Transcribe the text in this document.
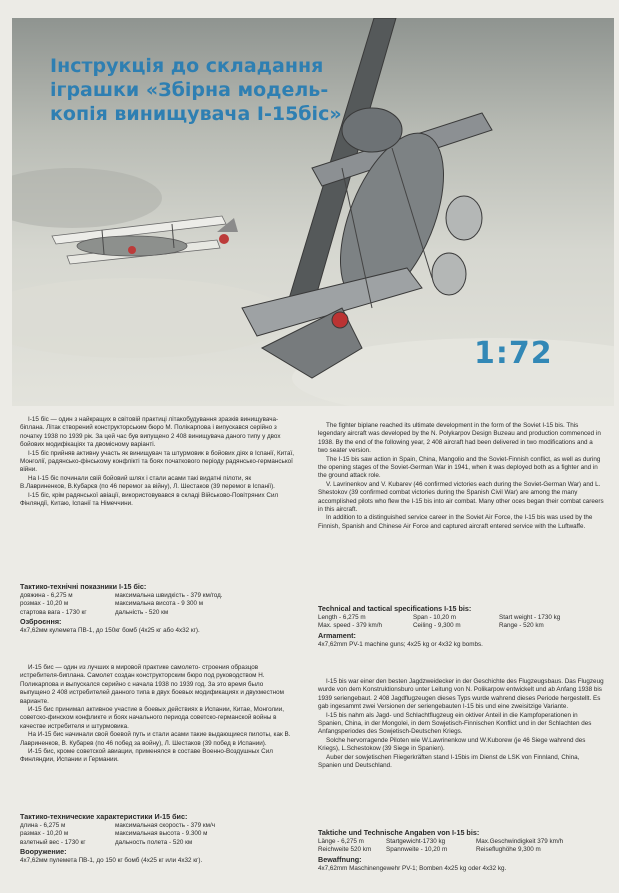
Інструкція до складання
іграшки «Збірна модель-
копія винищувача І-15біс»
1:72

І-15 біс — один з найкращих в світовій практиці літакобудування зразків винищувача-біплана. Літак створений конструкторським бюро М. Полікарпова і випускався серійно з початку 1938 по 1939 рік. За цей час був випущено 2 408 винищувача даного типу у двох бойових модифікаціях та двомісному варіанті.

І-15 біс прийняв активну участь як винищувач та штурмовик в бойових діях в Іспанії, Китаї, Монголії, радянсько-фінському конфлікті та боях початкового періоду радянсько-германської війни.

На І-15 біс починали свій бойовий шлях і стали асами такі видатні пілоти, як В.Лавриненков, В.Кубарєв (по 46 перемог за війну), Л. Шестаков (39 перемог в Іспанії).

І-15 біс, крім радянської авіації, використовувався в складі Військово-Повітряних Сил Фінляндії, Китаю, Іспанії та Німеччини.

Тактико-технічні показники І-15 біс:
довжина - 6,275 м	максимальна швидкість - 379 км/год.
розмах - 10,20 м	максимальна висота - 9 300 м
стартова вага - 1730 кг	дальність - 520 км
Озброєння:
4x7,62мм кулемета ПВ-1, до 150кг бомб (4x25 кг або 4x32 кг).

И-15 бис — один из лучших в мировой практике самолето- строения образцов истребителя-биплана. Самолет создан конструкторским бюро под руководством Н. Поликарпова и выпускался серийно с начала 1938 по 1939 год. За это время было выпущено 2 408 истребителей данного типа в двух боевых модификациях и двухместном варианте.

И-15 бис принимал активное участие в боевых действиях в Испании, Китае, Монголии, советско-финском конфликте и боях начального периода советско-германской войны в качестве истребителя и штурмовика.

На И-15 бис начинали свой боевой путь и стали асами такие выдающиеся пилоты, как В. Лавриненков, В. Кубарев (по 46 побед за войну), Л. Шестаков (39 побед в Испании).

И-15 бис, кроме советской авиации, применялся в составе Военно-Воздушных Сил Финляндии, Испании и Германии.

Тактико-технические характеристики И-15 бис:
длина - 6,275 м	максимальная скорость - 379 км/ч
размах - 10,20 м	максимальная высота - 9.300 м
взлетный вес - 1730 кг	дальность полета - 520 км
Вооружение:
4x7,62мм пулемета ПВ-1, до 150 кг бомб (4x25 кг или 4x32 кг).

The fighter biplane reached its ultimate development in the form of the Soviet I-15 bis. This legendary aircraft was developed by the N. Polykarpov Design Buzeau and production commenced in 1938. By the end of the following year, 2 408 aircraft had been delivered in two modifications and a two seater version.

The I-15 bis saw action in Spain, China, Mangolio and the Soviet-Finnish conflict, as well as during the opening stages of the Soviet-German War in 1941, when it was deployed both as a fighter and in the ground attack role.

V. Lavrinenkov and V. Kubarev (46 confirmed victories each during the Soviet-German War) and L. Shestokov (39 confirmed combat victories during the Spanish Civil War) are among the many accomplished pilots who flew the I-15 bis into air combat. Many other oces began their combat careers in this aircraft.

In addition to a distinguished service career in the Soviet Air Force, the I-15 bis was used by the Finnish, Spanish and Chinese Air Force and captured aircraft entered service with the Luftwaffe.

Technical and tactical specifications I-15 bis:
Length - 6,275 m	Span - 10,20 m	Start weight - 1730 kg
Max. speed - 379 km/h	Ceiling - 9,300 m	Range - 520 km
Armament:
4x7,62mm PV-1 machine guns; 4x25 kg or 4x32 kg bombs.

I-15 bis war einer den besten Jagdzweidecker in der Geschichte des Flugzeugsbaus. Das Flugzeug wurde von dem Konstruktionsburo unter Leitung von N. Polikarpow entwickelt und ab Anfang 1938 bis 1939 seriengebaut. 2 408 Jagdflugzeugen dieses Typs wurde wahrend dieses Periode hergestellt. Es gab ingesammt zwei Versionen der seriengebauten I-15 bis und eine zweisitzige Variante.

I-15 bis nahm als Jagd- und Schlachtflugzeug ein oktiver Anteil in die Kampfoperationen in Spanien, China, in der Mongolei, in dem Sowjetisch-Finnischen Konflict und in der Schlachten des Anfangsperiodes des Sowjetisch-Deutschen Kriegs.

Solche hervorragende Piloten wie W.Lawrinenkow und W.Kuborew (je 46 Siege wahrend des Kriegs), L.Schestokow (39 Siege in Spanien).

Auber der sowjetischen Fliegerkräften stand I-15bis im Dienst de LSK von Finnland, China, Spanien und Deutschland.

Taktiche und Technische Angaben von I-15 bis:
Länge - 6,275 m	Startgewicht-1730 kg	Max.Geschwindigkeit 379 km/h
Reichweite 520 km	Spannweite - 10,20 m	Reiseflughöhe 9,300 m
Bewaffnung:
4x7,62mm Maschinengewehr PV-1; Bomben 4x25 kg oder 4x32 kg.
